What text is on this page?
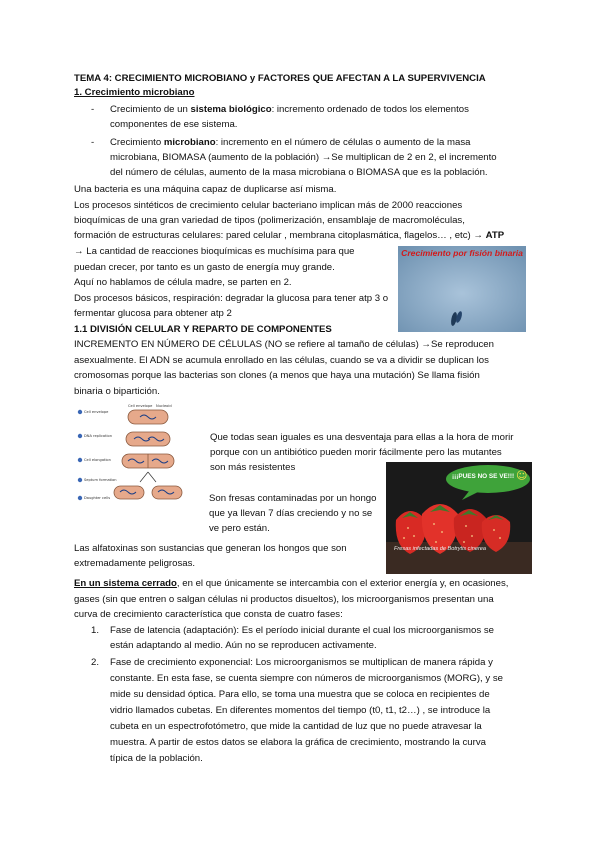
TEMA 4: CRECIMIENTO MICROBIANO y FACTORES QUE AFECTAN A LA SUPERVIVENCIA
1. Crecimiento microbiano
- Crecimiento de un sistema biológico: incremento ordenado de todos los elementos
componentes de ese sistema.
- Crecimiento microbiano: incremento en el número de células o aumento de la masa
microbiana, BIOMASA (aumento de la población) →Se multiplican de 2 en 2, el incremento
del número de células, aumento de la masa microbiana o BIOMASA que es la población.
Una bacteria es una máquina capaz de duplicarse así misma.
Los procesos sintéticos de crecimiento celular bacteriano implican más de 2000 reacciones
bioquímicas de una gran variedad de tipos (polimerización, ensamblaje de macromoléculas,
formación de estructuras celulares: pared celular , membrana citoplasmática, flagelos… , etc) → ATP
→ La cantidad de reacciones bioquímicas es muchísima para que
puedan crecer, por tanto es un gasto de energía muy grande.
Aquí no hablamos de célula madre, se parten en 2.
Dos procesos básicos, respiración: degradar la glucosa para tener atp 3 o
fermentar glucosa para obtener atp 2
Crecimiento por fisión binaria
1.1 DIVISIÓN CELULAR Y REPARTO DE COMPONENTES
INCREMENTO EN NÚMERO DE CÉLULAS (NO se refiere al tamaño de células) →Se reproducen
asexualmente. El ADN se acumula enrollado en las células, cuando se va a dividir se duplican los
cromosomas porque las bacterias son clones (a menos que haya una mutación) Se llama fisión
binaria o bipartición.
Cell envelope Nucleoid
Cell envelope
DNA replication
Cell elongation
Septum formation
Daughter cells
Que todas sean iguales es una desventaja para ellas a la hora de morir
porque con un antibiótico pueden morir fácilmente pero las mutantes
son más resistentes
Son fresas contaminadas por un hongo
que ya llevan 7 días creciendo y no se
ve pero están.
¡¡¡PUES NO SE VE!!! ☺
Fresas infectadas de Botrytis cinerea
Las alfatoxinas son sustancias que generan los hongos que son
extremadamente peligrosas.
En un sistema cerrado, en el que únicamente se intercambia con el exterior energía y, en ocasiones,
gases (sin que entren o salgan células ni productos disueltos), los microorganismos presentan una
curva de crecimiento característica que consta de cuatro fases:
1. Fase de latencia (adaptación): Es el período inicial durante el cual los microorganismos se
están adaptando al medio. Aún no se reproducen activamente.
2. Fase de crecimiento exponencial: Los microorganismos se multiplican de manera rápida y
constante. En esta fase, se cuenta siempre con números de microorganismos (MORG), y se
mide su densidad óptica. Para ello, se toma una muestra que se coloca en recipientes de
vidrio llamados cubetas. En diferentes momentos del tiempo (t0, t1, t2…) , se introduce la
cubeta en un espectrofotómetro, que mide la cantidad de luz que no puede atravesar la
muestra. A partir de estos datos se elabora la gráfica de crecimiento, mostrando la curva
típica de la población.
